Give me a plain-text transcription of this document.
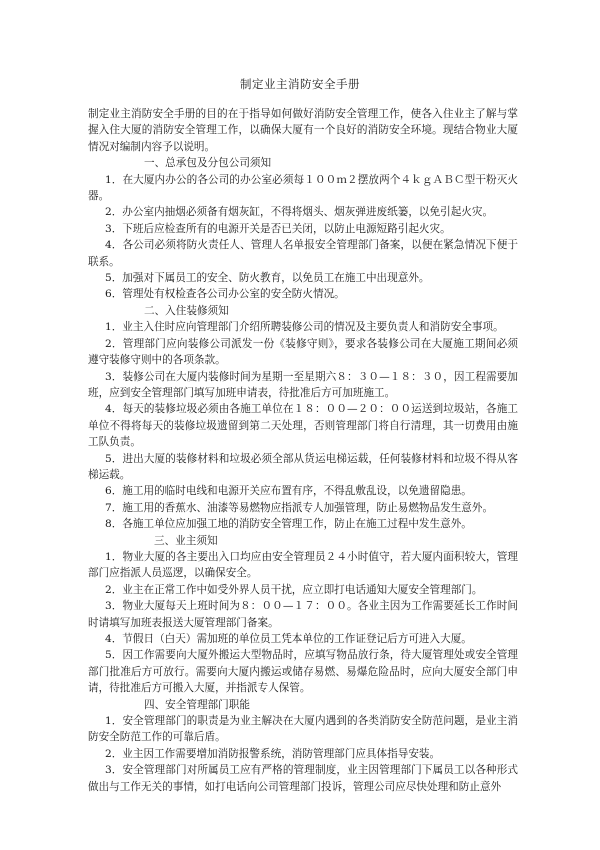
制定业主消防安全手册

制定业主消防安全手册的目的在于指导如何做好消防安全管理工作，使各入住业主了解与掌握入住大厦的消防安全管理工作，以确保大厦有一个良好的消防安全环境。现结合物业大厦情况对编制内容予以说明。

一、总承包及分包公司须知

1．在大厦内办公的各公司的办公室必须每１００ｍ２摆放两个４ｋｇＡＢＣ型干粉灭火器。

2．办公室内抽烟必须备有烟灰缸，不得将烟头、烟灰弹进废纸篓，以免引起火灾。

3．下班后应检查所有的电源开关是否已关闭，以防止电源短路引起火灾。

4．各公司必须将防火责任人、管理人名单报安全管理部门备案，以便在紧急情况下便于联系。

5．加强对下属员工的安全、防火教育，以免员工在施工中出现意外。

6．管理处有权检查各公司办公室的安全防火情况。

二、入住装修须知

1．业主入住时应向管理部门介绍所聘装修公司的情况及主要负责人和消防安全事项。

2．管理部门应向装修公司派发一份《装修守则》，要求各装修公司在大厦施工期间必须遵守装修守则中的各项条款。

3．装修公司在大厦内装修时间为星期一至星期六８：３０—１８：３０，因工程需要加班，应到安全管理部门填写加班申请表，待批准后方可加班施工。

4．每天的装修垃圾必须由各施工单位在１８：００—２０：００运送到垃圾站，各施工单位不得将每天的装修垃圾遗留到第二天处理，否则管理部门将自行清理，其一切费用由施工队负责。

5．进出大厦的装修材料和垃圾必须全部从货运电梯运载，任何装修材料和垃圾不得从客梯运载。

6．施工用的临时电线和电源开关应布置有序，不得乱敷乱设，以免遗留隐患。

7．施工用的香蕉水、油漆等易燃物应指派专人加强管理，防止易燃物品发生意外。

8．各施工单位应加强工地的消防安全管理工作，防止在施工过程中发生意外。

三、业主须知

1．物业大厦的各主要出入口均应由安全管理员２４小时值守，若大厦内面积较大，管理部门应指派人员巡逻，以确保安全。

2．业主在正常工作中如受外界人员干扰，应立即打电话通知大厦安全管理部门。

3．物业大厦每天上班时间为８：００—１７：００。各业主因为工作需要延长工作时间时请填写加班表报送大厦管理部门备案。

4．节假日（白天）需加班的单位员工凭本单位的工作证登记后方可进入大厦。

5．因工作需要向大厦外搬运大型物品时，应填写物品放行条，待大厦管理处或安全管理部门批准后方可放行。需要向大厦内搬运或储存易燃、易爆危险品时，应向大厦安全部门申请，待批准后方可搬入大厦，并指派专人保管。

四、安全管理部门职能

1．安全管理部门的职责是为业主解决在大厦内遇到的各类消防安全防范问题，是业主消防安全防范工作的可靠后盾。

2．业主因工作需要增加消防报警系统，消防管理部门应具体指导安装。

3．安全管理部门对所属员工应有严格的管理制度，业主因管理部门下属员工以各种形式做出与工作无关的事情，如打电话向公司管理部门投诉，管理公司应尽快处理和防止意外
